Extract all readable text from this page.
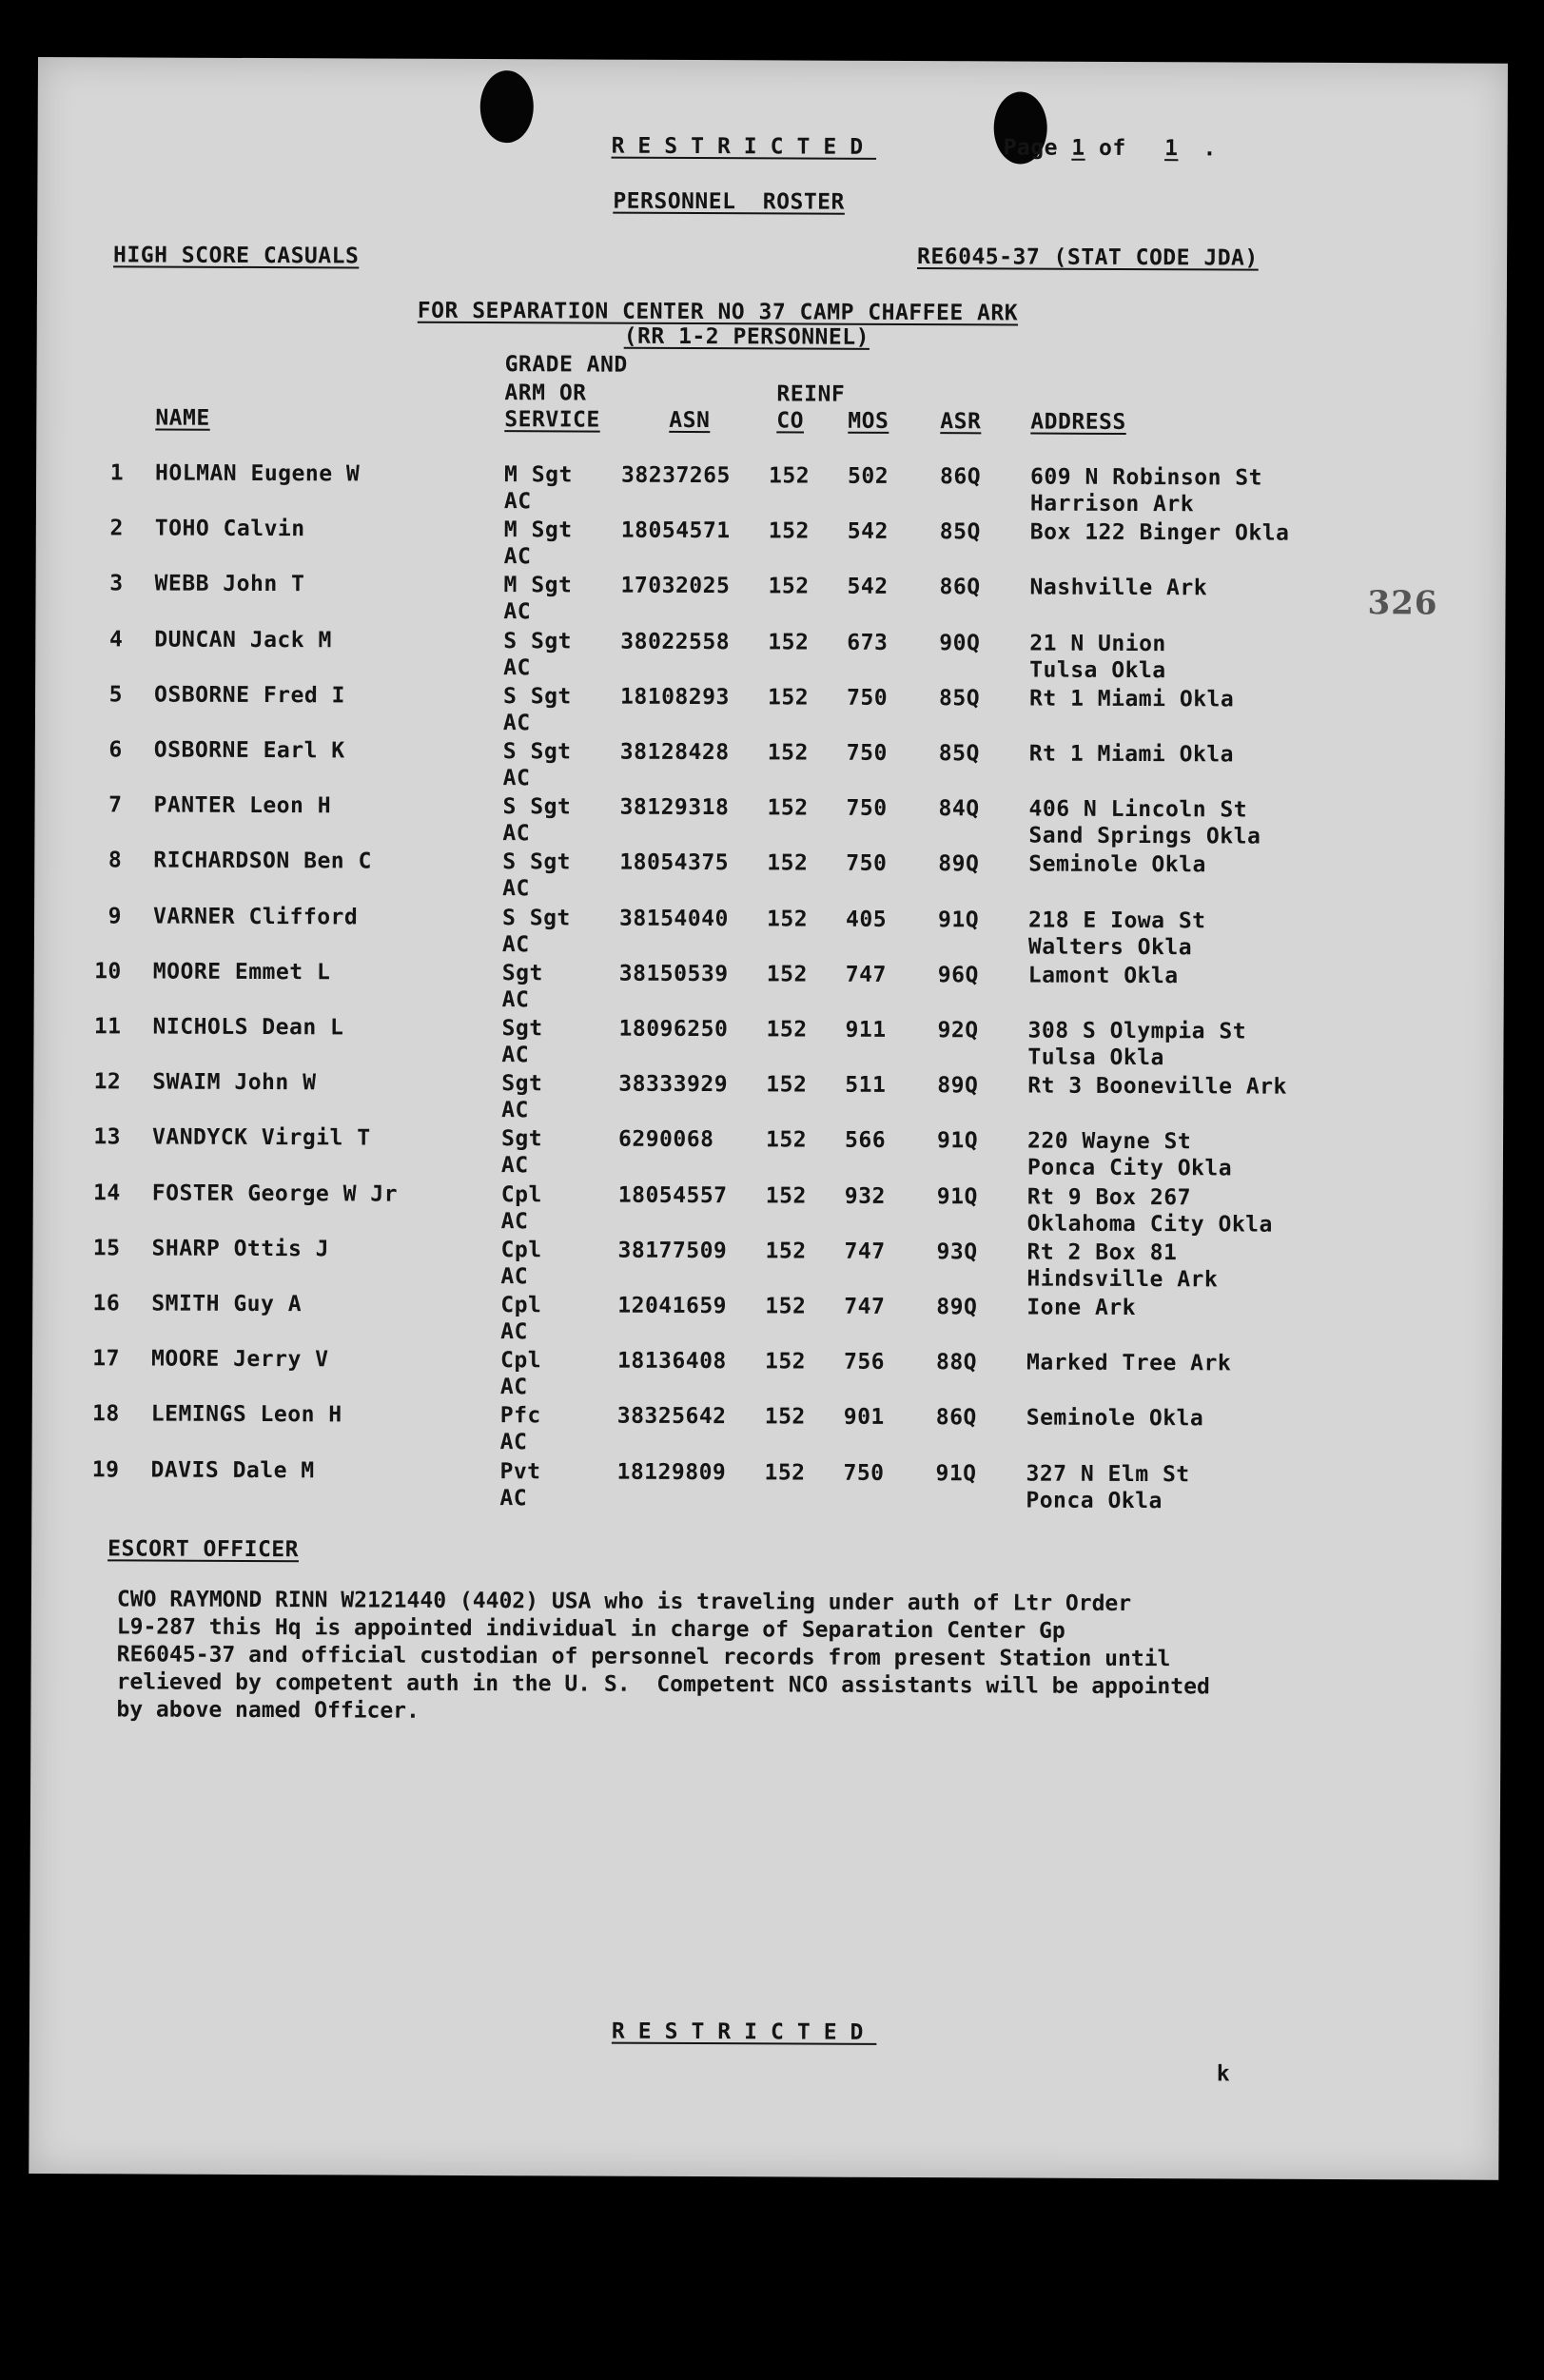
RESTRICTED	Page 1 of 1 .
PERSONNEL ROSTER
HIGH SCORE CASUALS	RE6045-37 (STAT CODE JDA)
FOR SEPARATION CENTER NO 37 CAMP CHAFFEE ARK
(RR 1-2 PERSONNEL)
GRADE AND
ARM OR
SERVICE
REINF
NAME	ASN	CO MOS ASR ADDRESS
1 HOLMAN Eugene W	M Sgt 38237265 152 502 86Q 609 N Robinson St
AC	Harrison Ark
2 TOHO Calvin	M Sgt 18054571 152 542 85Q Box 122 Binger Okla
AC
3 WEBB John T	M Sgt 17032025 152 542 86Q Nashville Ark
AC
4 DUNCAN Jack M	S Sgt 38022558 152 673 90Q 21 N Union
AC	Tulsa Okla
5 OSBORNE Fred I	S Sgt 18108293 152 750 85Q Rt 1 Miami Okla
AC
6 OSBORNE Earl K	S Sgt 38128428 152 750 85Q Rt 1 Miami Okla
AC
7 PANTER Leon H	S Sgt 38129318 152 750 84Q 406 N Lincoln St
AC	Sand Springs Okla
8 RICHARDSON Ben C	S Sgt 18054375 152 750 89Q Seminole Okla
AC
9 VARNER Clifford	S Sgt 38154040 152 405 91Q 218 E Iowa St
AC	Walters Okla
10 MOORE Emmet L	Sgt	38150539 152 747 96Q Lamont Okla
AC
11 NICHOLS Dean L	Sgt	18096250 152 911 92Q 308 S Olympia St
AC	Tulsa Okla
12 SWAIM John W	Sgt	38333929 152 511 89Q Rt 3 Booneville Ark
AC
13 VANDYCK Virgil T	Sgt	6290068 152 566 91Q 220 Wayne St
AC	Ponca City Okla
14 FOSTER George W Jr	Cpl	18054557 152 932 91Q Rt 9 Box 267
AC	Oklahoma City Okla
15 SHARP Ottis J	Cpl	38177509 152 747 93Q Rt 2 Box 81
AC	Hindsville Ark
16 SMITH Guy A	Cpl	12041659 152 747 89Q Ione Ark
AC
17 MOORE Jerry V	Cpl	18136408 152 756 88Q Marked Tree Ark
AC
18 LEMINGS Leon H	Pfc	38325642 152 901 86Q Seminole Okla
AC
19 DAVIS Dale M	Pvt	18129809 152 750 91Q 327 N Elm St
AC	Ponca Okla
326
ESCORT OFFICER
CWO RAYMOND RINN W2121440 (4402) USA who is traveling under auth of Ltr Order
L9-287 this Hq is appointed individual in charge of Separation Center Gp
RE6045-37 and official custodian of personnel records from present Station until
relieved by competent auth in the U. S.  Competent NCO assistants will be appointed
by above named Officer.
RESTRICTED
k
